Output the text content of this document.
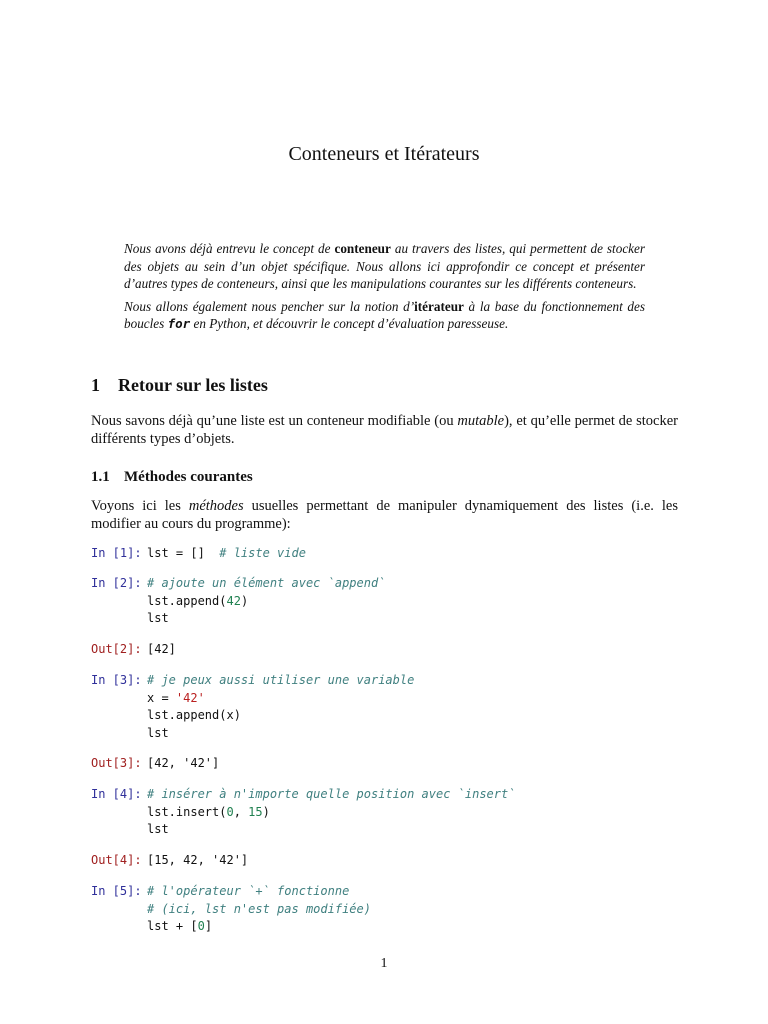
Conteneurs et Itérateurs

Nous avons déjà entrevu le concept de conteneur au travers des listes, qui permettent de stocker des objets au sein d’un objet spécifique. Nous allons ici approfondir ce concept et présenter d’autres types de conteneurs, ainsi que les manipulations courantes sur les différents conteneurs.

Nous allons également nous pencher sur la notion d’itérateur à la base du fonctionnement des boucles for en Python, et découvrir le concept d’évaluation paresseuse.

1 Retour sur les listes
Nous savons déjà qu’une liste est un conteneur modifiable (ou mutable), et qu’elle permet de stocker différents types d’objets.
1.1 Méthodes courantes
Voyons ici les méthodes usuelles permettant de manipuler dynamiquement des listes (i.e. les modifier au cours du programme):
In [1]: lst = []  # liste vide
In [2]: # ajoute un élément avec `append`
lst.append(42)
lst
Out[2]: [42]
In [3]: # je peux aussi utiliser une variable
x = '42'
lst.append(x)
lst
Out[3]: [42, '42']
In [4]: # insérer à n'importe quelle position avec `insert`
lst.insert(0, 15)
lst
Out[4]: [15, 42, '42']
In [5]: # l'opérateur `+` fonctionne
# (ici, lst n'est pas modifiée)
lst + [0]
1
